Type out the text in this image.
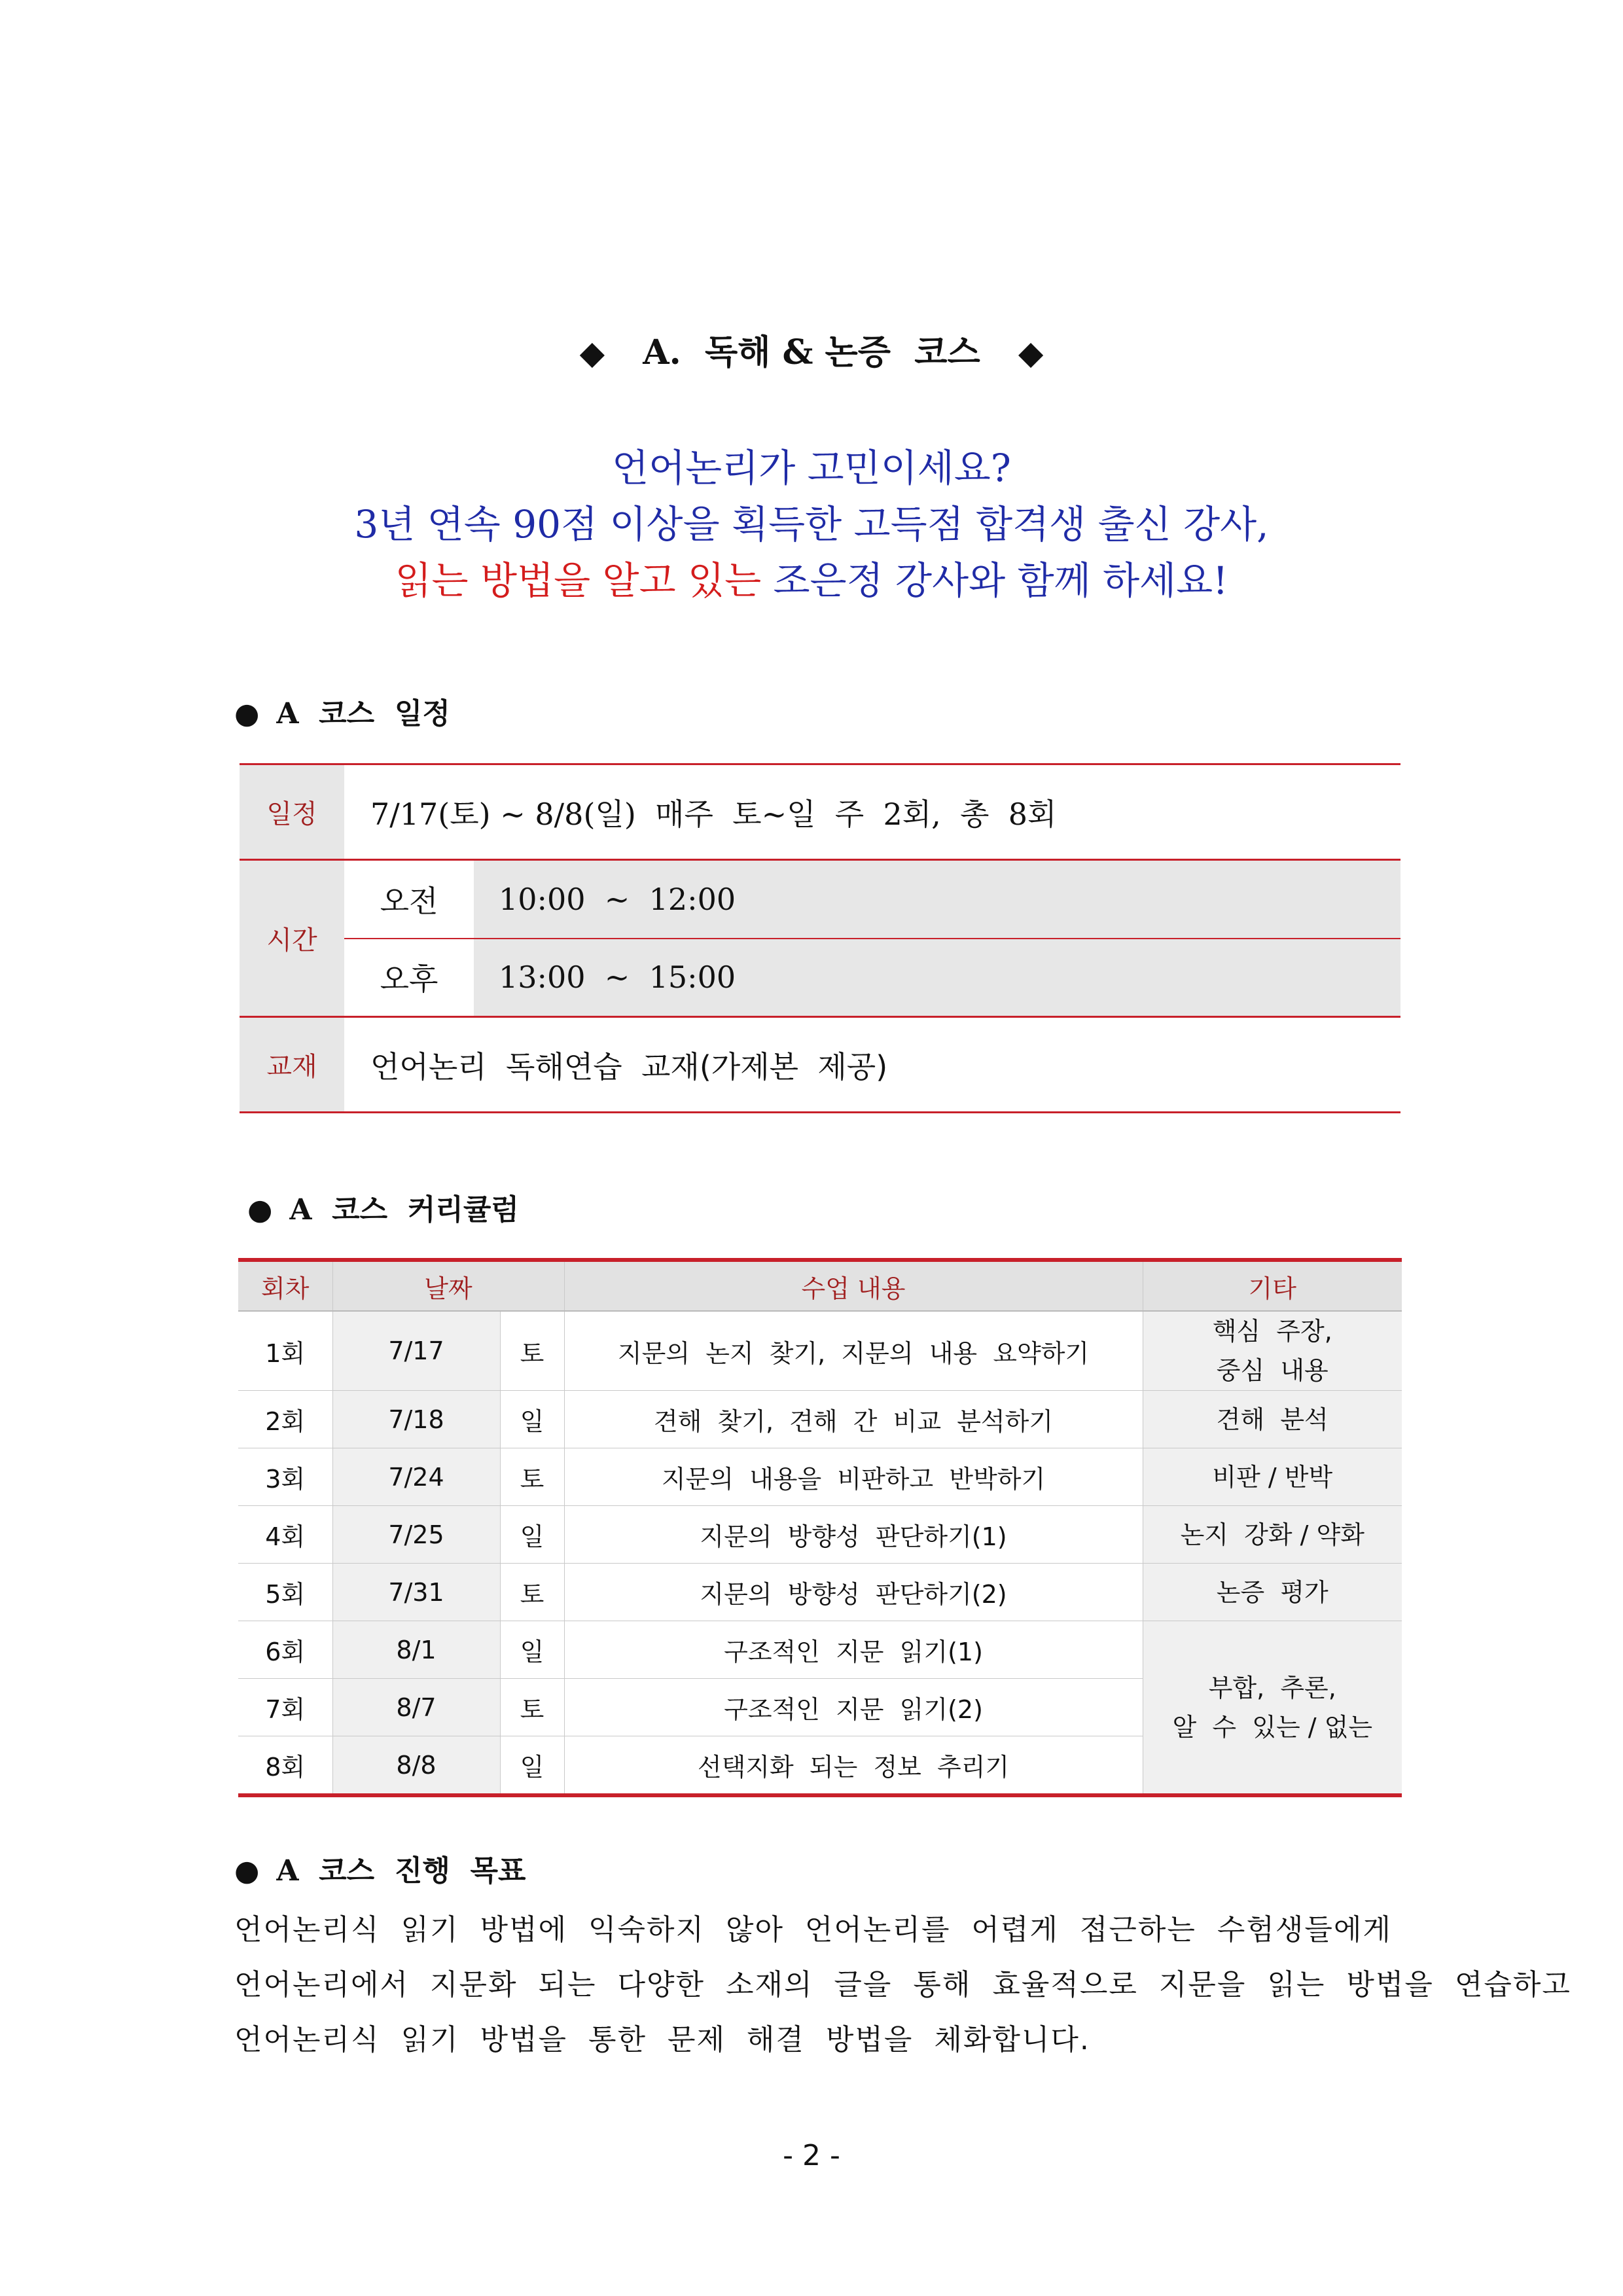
◆ A.  독해 & 논증  코스 ◆
언어논리가 고민이세요?
3년 연속 90점 이상을 획득한 고득점 합격생 출신 강사,
읽는 방법을 알고 있는 조은정 강사와 함께 하세요!
● A  코스  일정
일정	7/17(토) ~ 8/8(일)  매주  토~일  주  2회,  총  8회	
시간	오전	10:00  ~  12:00
	오후	13:00  ~  15:00
교재	언어논리  독해연습  교재(가제본  제공)	
● A  코스  커리큘럼
회차	날짜		수업 내용	기타
1회	7/17	토	지문의  논지  찾기,  지문의  내용  요약하기	핵심  주장,
중심  내용

2회	7/18	일	견해  찾기,  견해  간  비교  분석하기	견해  분석
3회	7/24	토	지문의  내용을  비판하고  반박하기	비판 / 반박
4회	7/25	일	지문의  방향성  판단하기(1)	논지  강화 / 약화
5회	7/31	토	지문의  방향성  판단하기(2)	논증  평가
6회	8/1	일	구조적인  지문  읽기(1)	부합,  추론,
알  수  있는 / 없는

7회	8/7	토	구조적인  지문  읽기(2)	
8회	8/8	일	선택지화  되는  정보  추리기	
● A  코스  진행  목표
언어논리식  읽기  방법에  익숙하지  않아  언어논리를  어렵게  접근하는  수험생들에게
언어논리에서  지문화  되는  다양한  소재의  글을  통해  효율적으로  지문을  읽는  방법을  연습하고
언어논리식  읽기  방법을  통한  문제  해결  방법을  체화합니다.
- 2 -
